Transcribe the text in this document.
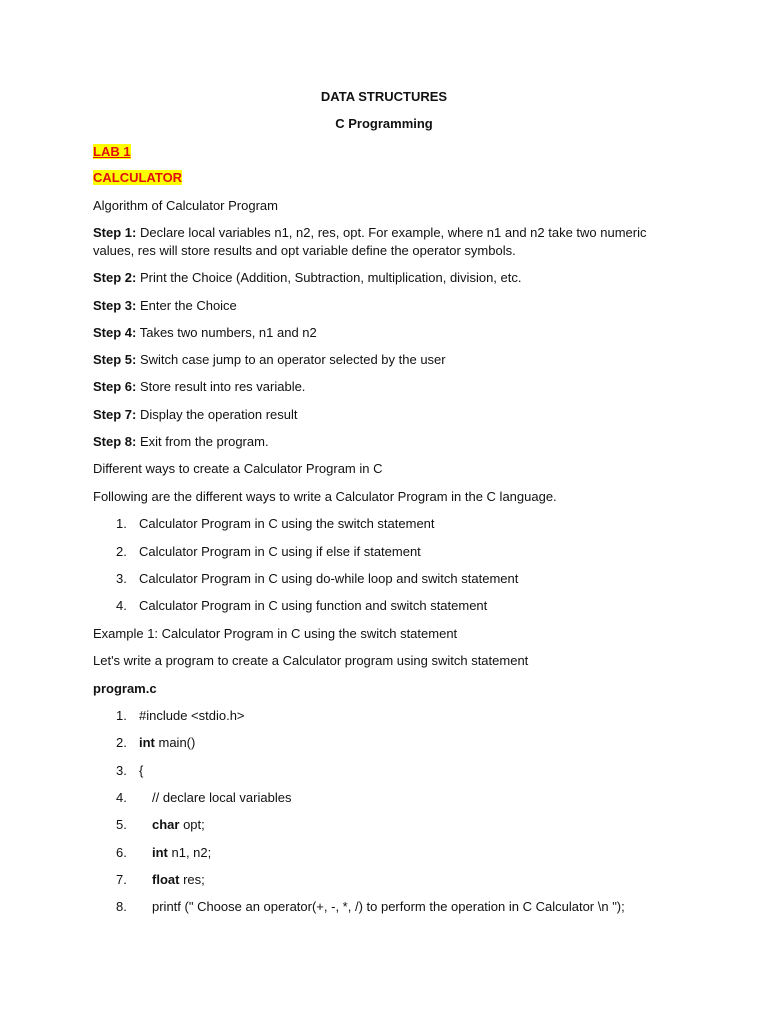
DATA STRUCTURES
C Programming
LAB 1
CALCULATOR
Algorithm of Calculator Program
Step 1: Declare local variables n1, n2, res, opt. For example, where n1 and n2 take two numeric
values, res will store results and opt variable define the operator symbols.
Step 2: Print the Choice (Addition, Subtraction, multiplication, division, etc.
Step 3: Enter the Choice
Step 4: Takes two numbers, n1 and n2
Step 5: Switch case jump to an operator selected by the user
Step 6: Store result into res variable.
Step 7: Display the operation result
Step 8: Exit from the program.
Different ways to create a Calculator Program in C
Following are the different ways to write a Calculator Program in the C language.
1. Calculator Program in C using the switch statement
2. Calculator Program in C using if else if statement
3. Calculator Program in C using do-while loop and switch statement
4. Calculator Program in C using function and switch statement
Example 1: Calculator Program in C using the switch statement
Let's write a program to create a Calculator program using switch statement
program.c
1. #include <stdio.h>
2. int main()
3. {
4. // declare local variables
5. char opt;
6. int n1, n2;
7. float res;
8. printf (" Choose an operator(+, -, *, /) to perform the operation in C Calculator \n ");
